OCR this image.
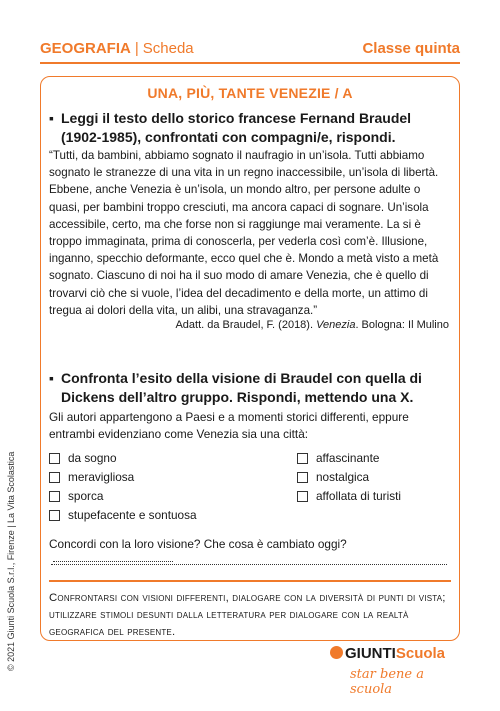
GEOGRAFIA | Scheda	Classe quinta
UNA, PIÙ, TANTE VENEZIE / A
▪ Leggi il testo dello storico francese Fernand Braudel (1902-1985), confrontati con compagni/e, rispondi.
“Tutti, da bambini, abbiamo sognato il naufragio in un’isola. Tutti abbiamo sognato le stranezze di una vita in un regno inaccessibile, un’isola di libertà. Ebbene, anche Venezia è un’isola, un mondo altro, per persone adulte o quasi, per bambini troppo cresciuti, ma ancora capaci di sognare. Un’isola accessibile, certo, ma che forse non si raggiunge mai veramente. La si è troppo immaginata, prima di conoscerla, per vederla così com’è. Illusione, inganno, specchio deformante, ecco quel che è. Mondo a metà visto a metà sognato. Ciascuno di noi ha il suo modo di amare Venezia, che è quello di trovarvi ciò che si vuole, l’idea del decadimento e della morte, un attimo di tregua ai dolori della vita, un alibi, una stravaganza.”
Adatt. da Braudel, F. (2018). Venezia. Bologna: Il Mulino
▪ Confronta l’esito della visione di Braudel con quella di Dickens dell’altro gruppo. Rispondi, mettendo una X.
Gli autori appartengono a Paesi e a momenti storici differenti, eppure entrambi evidenziano come Venezia sia una città:
da sogno
meravigliosa
sporca
stupefacente e sontuosa
affascinante
nostalgica
affollata di turisti
Concordi con la loro visione? Che cosa è cambiato oggi?
Confrontarsi con visioni differenti, dialogare con la diversità di punti di vista; utilizzare stimoli desunti dalla letteratura per dialogare con la realtà geografica del presente.
© 2021 Giunti Scuola S.r.l., Firenze | La Vita Scolastica	GIUNTIScuola
star bene a scuola
